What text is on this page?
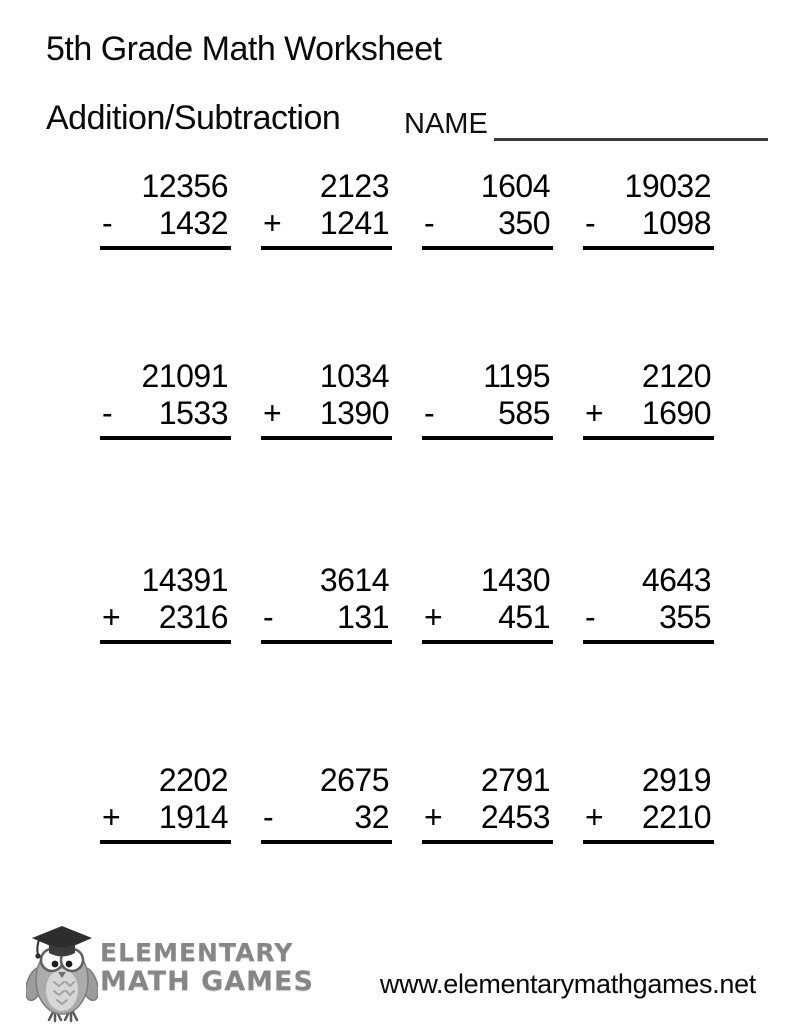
5th Grade Math Worksheet
Addition/Subtraction NAME
12356
- 1432
2123
+ 1241
1604
- 350
19032
- 1098
21091
- 1533
1034
+ 1390
1195
- 585
2120
+ 1690
14391
+ 2316
3614
- 131
1430
+ 451
4643
- 355
2202
+ 1914
2675
-	32
2791
+ 2453
2919
+ 2210
ELEMENTARY
MATH GAMES www.elementarymathgames.net
